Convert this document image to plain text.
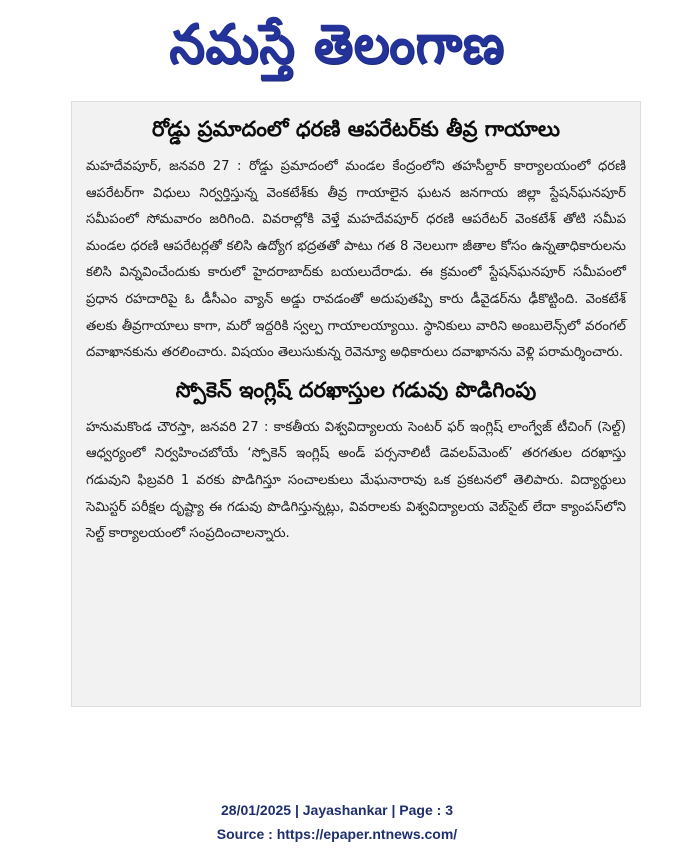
నమస్తే తెలంగాణ
రోడ్డు ప్రమాదంలో ధరణి ఆపరేటర్‌కు తీవ్ర గాయాలు

మహదేవపూర్, జనవరి 27 : రోడ్డు ప్రమాదంలో మండల కేంద్రంలోని తహసీల్దార్ కార్యాలయంలో ధరణి ఆపరేటర్‌గా విధులు నిర్వర్తిస్తున్న వెంకటేశ్‌కు తీవ్ర గాయాలైన ఘటన జనగాయ జిల్లా స్టేషన్‌ఘనపూర్ సమీపంలో సోమవారం జరిగింది. వివరాల్లోకి వెళ్తే మహదేవపూర్ ధరణి ఆపరేటర్ వెంకటేశ్ తోటి సమీప మండల ధరణి ఆపరేటర్లతో కలిసి ఉద్యోగ భద్రతతో పాటు గత 8 నెలలుగా జీతాల కోసం ఉన్నతాధికారులను కలిసి విన్నవించేందుకు కారులో హైదరాబాద్‌కు బయలుదేరాడు. ఈ క్రమంలో స్టేషన్‌ఘనపూర్ సమీపంలో ప్రధాన రహదారిపై ఓ డీసీఎం వ్యాన్ అడ్డు రావడంతో అదుపుతప్పి కారు డీవైడర్‌ను ఢీకొట్టింది. వెంకటేశ్ తలకు తీవ్రగాయాలు కాగా, మరో ఇద్దరికి స్వల్ప గాయాలయ్యాయి. స్థానికులు వారిని అంబులెన్స్‌లో వరంగల్ దవాఖానకును తరలించారు. విషయం తెలుసుకున్న రెవెన్యూ అధికారులు దవాఖానను వెళ్లి పరామర్శించారు.

స్పోకెన్ ఇంగ్లిష్ దరఖాస్తుల గడువు పొడిగింపు

హనుమకొండ చౌరస్తా, జనవరి 27 : కాకతీయ విశ్వవిద్యాలయ సెంటర్ ఫర్ ఇంగ్లిష్ లాంగ్వేజ్ టీచింగ్ (సెల్ట్) ఆధ్వర్యంలో నిర్వహించబోయే ‘స్పోకెన్ ఇంగ్లిష్ అండ్ పర్సనాలిటీ డెవలప్‌మెంట్’ తరగతుల దరఖాస్తు గడువుని ఫిబ్రవరి 1 వరకు పొడిగిస్తూ సంచాలకులు మేఘనారావు ఒక ప్రకటనలో తెలిపారు. విద్యార్థులు సెమిస్టర్ పరీక్షల దృష్ట్యా ఈ గడువు పొడిగిస్తున్నట్లు, వివరాలకు విశ్వవిద్యాలయ వెబ్‌సైట్ లేదా క్యాంపస్‌లోని సెల్ట్ కార్యాలయంలో సంప్రదించాలన్నారు.

28/01/2025 | Jayashankar | Page : 3
Source : https://epaper.ntnews.com/
